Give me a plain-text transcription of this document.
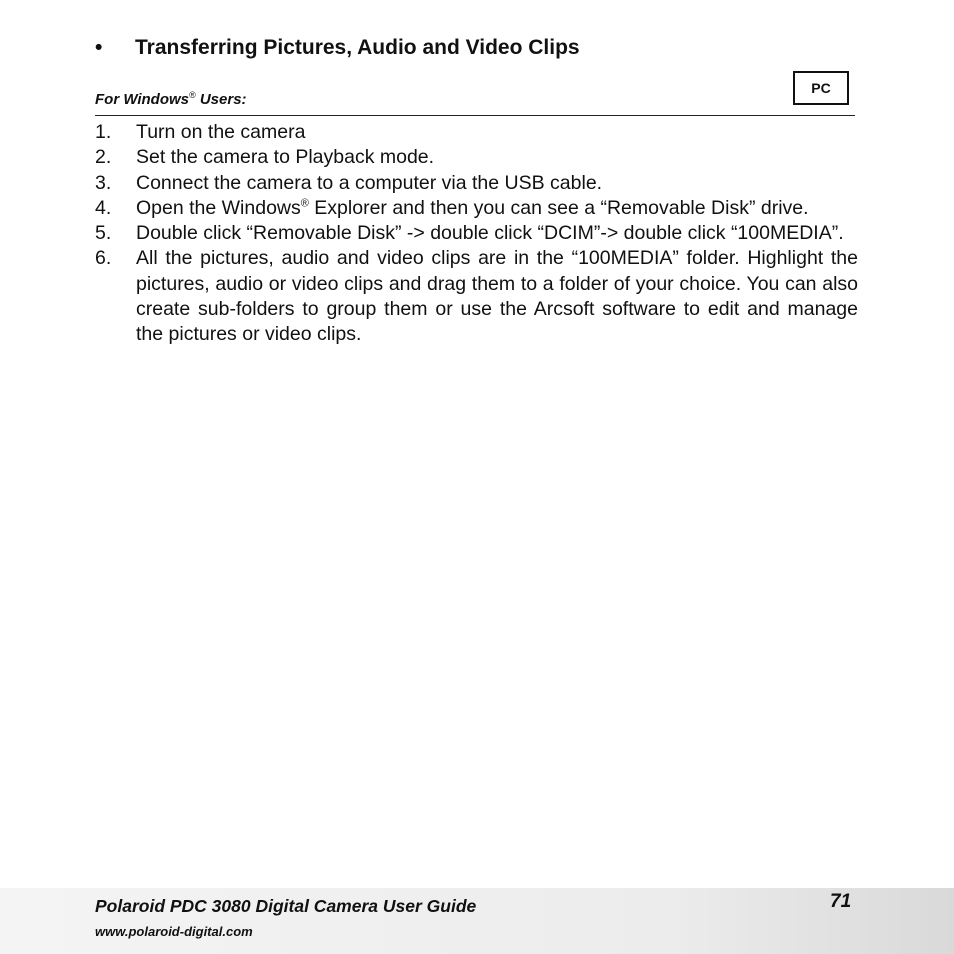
• Transferring Pictures, Audio and Video Clips
For Windows® Users:
PC
1. Turn on the camera
2. Set the camera to Playback mode.
3. Connect the camera to a computer via the USB cable.
4. Open the Windows® Explorer and then you can see a “Removable Disk” drive.
5. Double click “Removable Disk” -> double click “DCIM”-> double click “100MEDIA”.
6. All the pictures, audio and video clips are in the “100MEDIA” folder. Highlight the pictures, audio or video clips and drag them to a folder of your choice. You can also create sub-folders to group them or use the Arcsoft software to edit and manage the pictures or video clips.
Polaroid PDC 3080 Digital Camera User Guide
www.polaroid-digital.com
71
